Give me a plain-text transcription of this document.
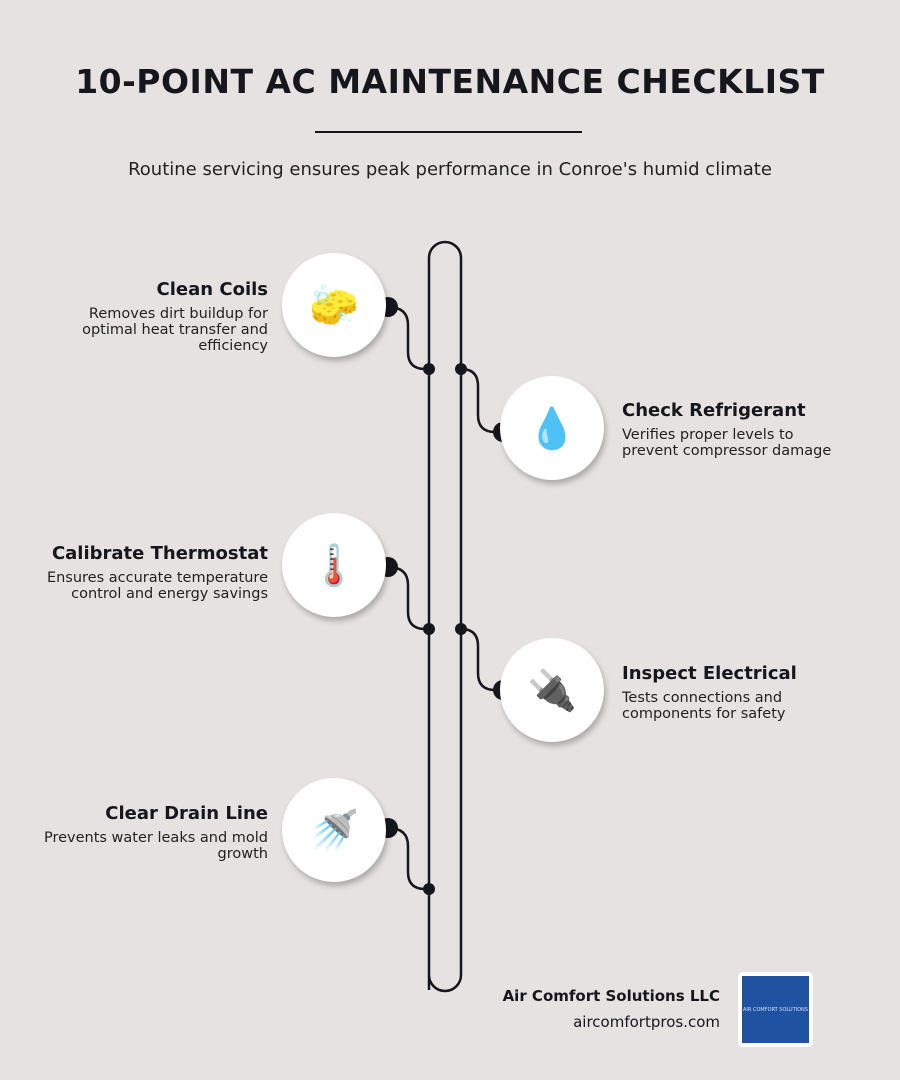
10-POINT AC MAINTENANCE CHECKLIST
Routine servicing ensures peak performance in Conroe's humid climate
🧽
Clean Coils

Removes dirt buildup for optimal heat transfer and efficiency

💧	Check Refrigerant

Verifies proper levels to prevent compressor damage

🌡️
Calibrate Thermostat

Ensures accurate temperature control and energy savings

🔌	Inspect Electrical

Tests connections and components for safety

🚿
Clear Drain Line

Prevents water leaks and mold growth

Air Comfort Solutions LLC
aircomfortpros.com
AIR COMFORT SOLUTIONS
